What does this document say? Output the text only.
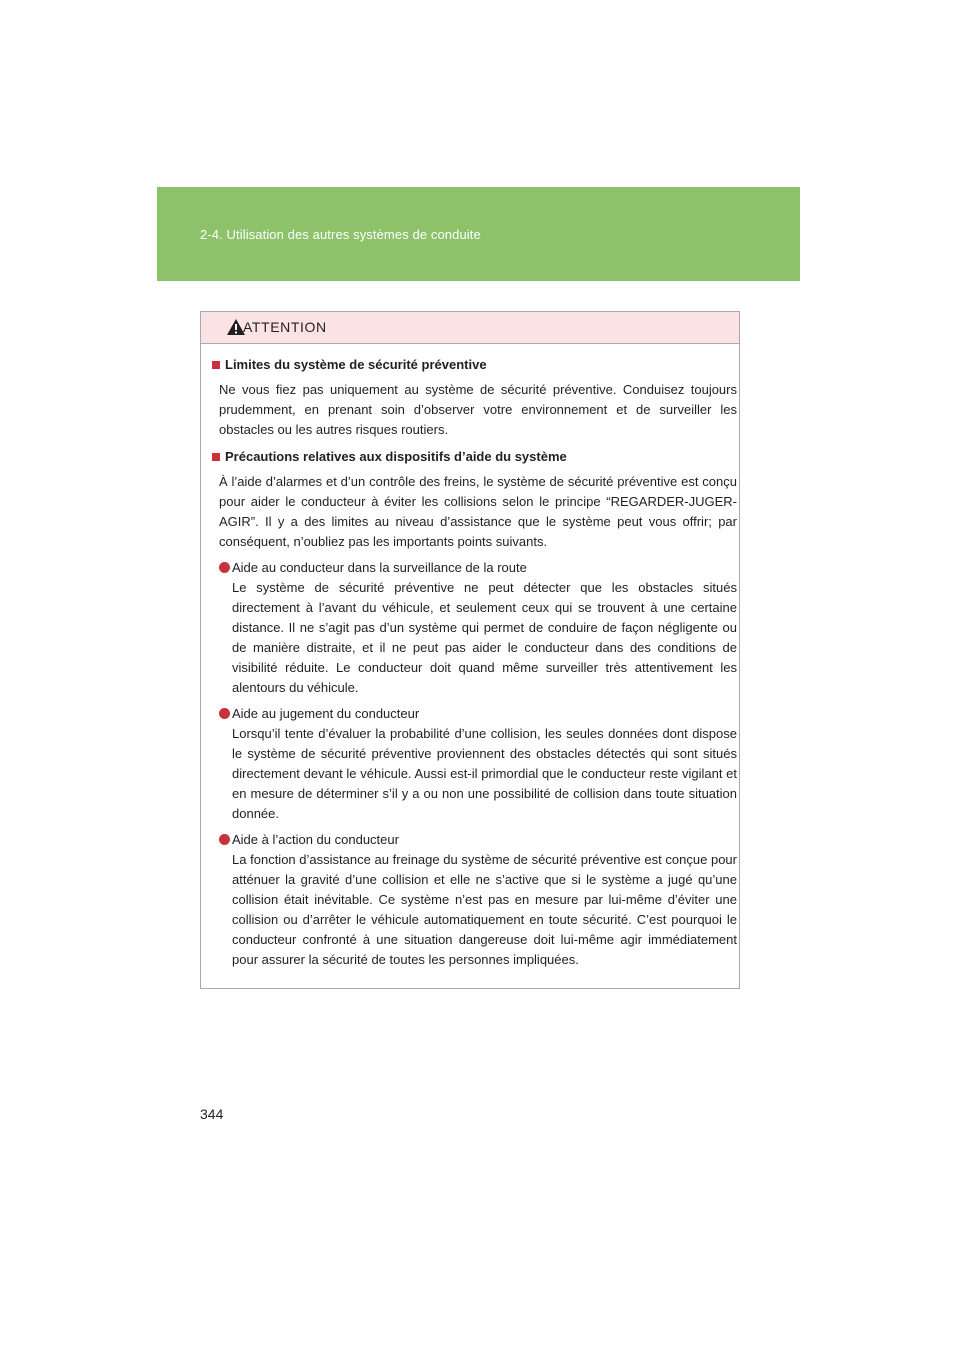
2-4. Utilisation des autres systèmes de conduite
ATTENTION
Limites du système de sécurité préventive
Ne vous fiez pas uniquement au système de sécurité préventive. Conduisez toujours prudemment, en prenant soin d’observer votre environnement et de surveiller les obstacles ou les autres risques routiers.
Précautions relatives aux dispositifs d’aide du système
À l’aide d’alarmes et d’un contrôle des freins, le système de sécurité préventive est conçu pour aider le conducteur à éviter les collisions selon le principe “REGARDER-JUGER-AGIR”. Il y a des limites au niveau d’assistance que le système peut vous offrir; par conséquent, n’oubliez pas les importants points suivants.
Aide au conducteur dans la surveillance de la route
Le système de sécurité préventive ne peut détecter que les obstacles situés directement à l’avant du véhicule, et seulement ceux qui se trouvent à une certaine distance. Il ne s’agit pas d’un système qui permet de conduire de façon négligente ou de manière distraite, et il ne peut pas aider le conducteur dans des conditions de visibilité réduite. Le conducteur doit quand même surveiller très attentivement les alentours du véhicule.
Aide au jugement du conducteur
Lorsqu’il tente d’évaluer la probabilité d’une collision, les seules données dont dispose le système de sécurité préventive proviennent des obstacles détectés qui sont situés directement devant le véhicule. Aussi est-il primordial que le conducteur reste vigilant et en mesure de déterminer s’il y a ou non une possibilité de collision dans toute situation donnée.
Aide à l’action du conducteur
La fonction d’assistance au freinage du système de sécurité préventive est conçue pour atténuer la gravité d’une collision et elle ne s’active que si le système a jugé qu’une collision était inévitable. Ce système n’est pas en mesure par lui-même d’éviter une collision ou d’arrêter le véhicule automatiquement en toute sécurité. C’est pourquoi le conducteur confronté à une situation dangereuse doit lui-même agir immédiatement pour assurer la sécurité de toutes les personnes impliquées.
344
